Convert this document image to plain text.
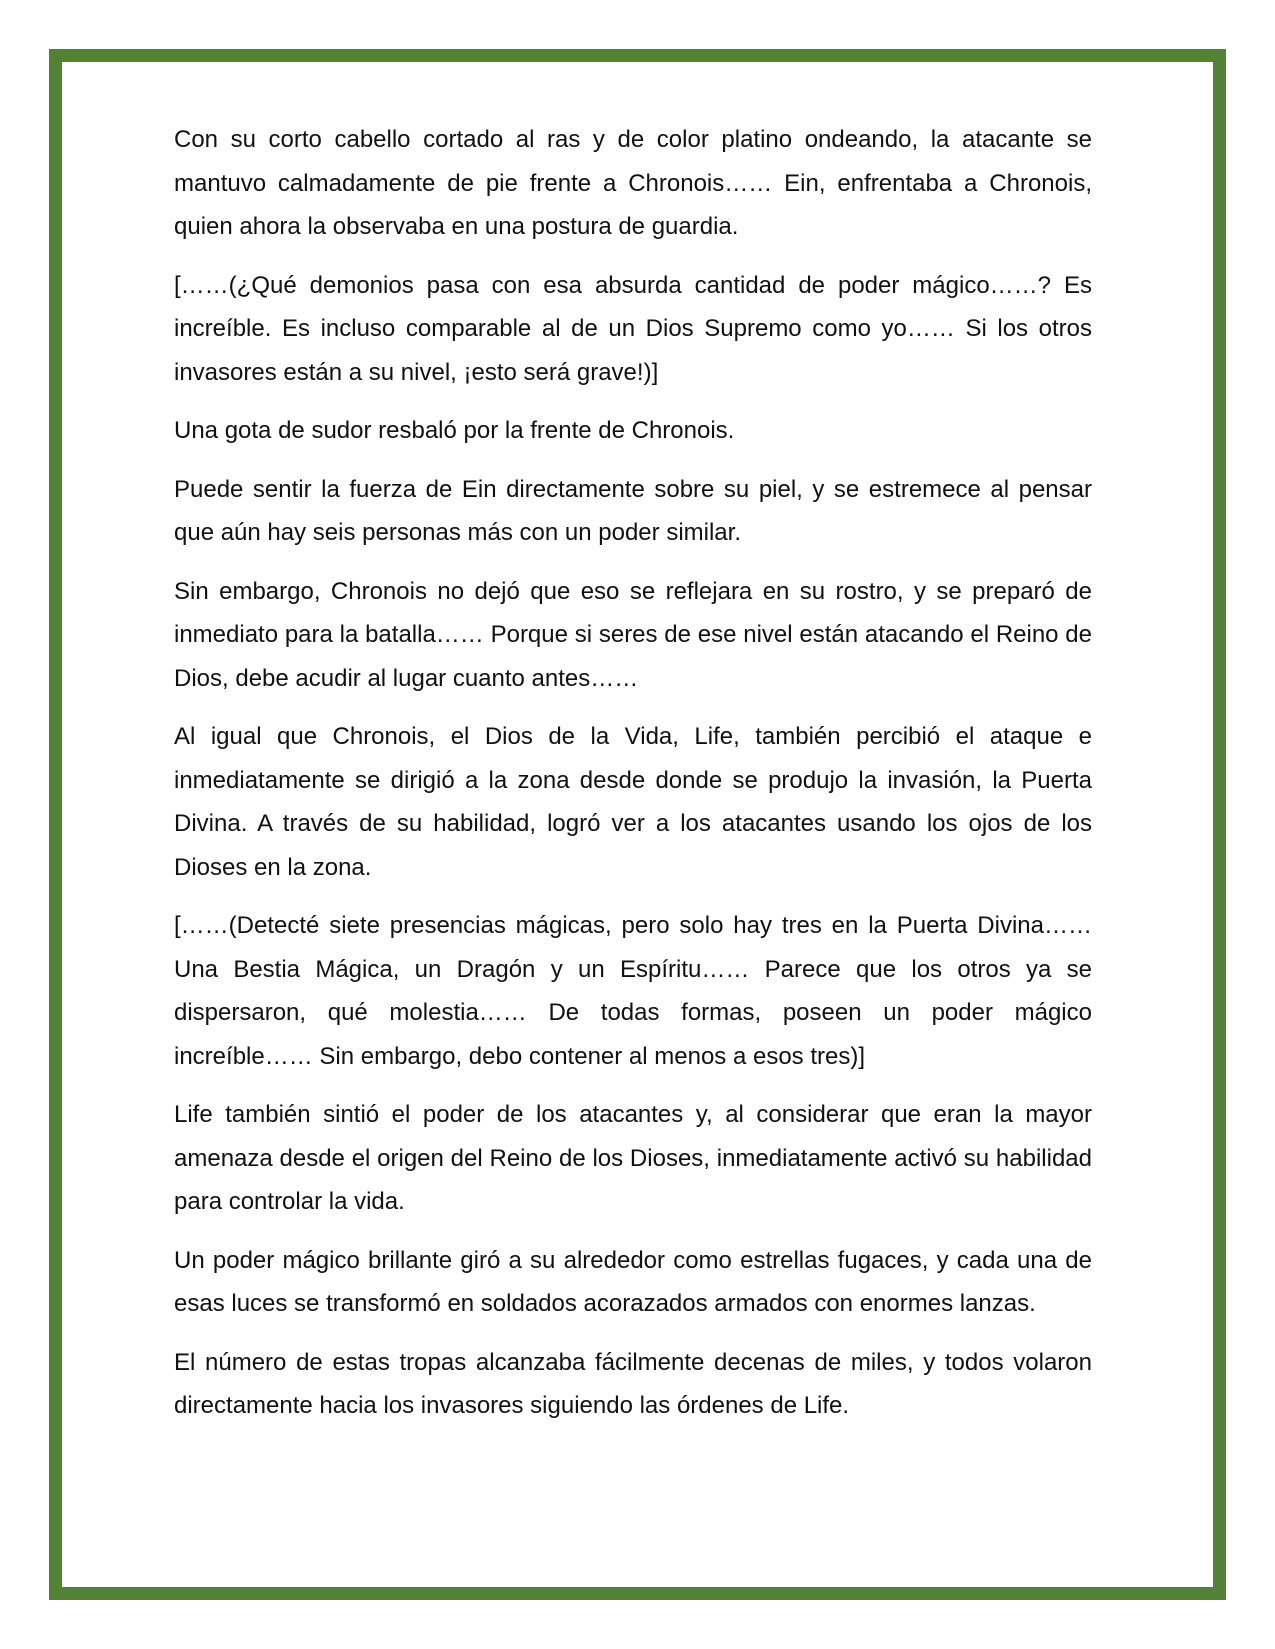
Con su corto cabello cortado al ras y de color platino ondeando, la atacante se mantuvo calmadamente de pie frente a Chronois…… Ein, enfrentaba a Chronois, quien ahora la observaba en una postura de guardia.

[……(¿Qué demonios pasa con esa absurda cantidad de poder mágico……? Es increíble. Es incluso comparable al de un Dios Supremo como yo…… Si los otros invasores están a su nivel, ¡esto será grave!)]

Una gota de sudor resbaló por la frente de Chronois.

Puede sentir la fuerza de Ein directamente sobre su piel, y se estremece al pensar que aún hay seis personas más con un poder similar.

Sin embargo, Chronois no dejó que eso se reflejara en su rostro, y se preparó de inmediato para la batalla…… Porque si seres de ese nivel están atacando el Reino de Dios, debe acudir al lugar cuanto antes……

Al igual que Chronois, el Dios de la Vida, Life, también percibió el ataque e inmediatamente se dirigió a la zona desde donde se produjo la invasión, la Puerta Divina. A través de su habilidad, logró ver a los atacantes usando los ojos de los Dioses en la zona.

[……(Detecté siete presencias mágicas, pero solo hay tres en la Puerta Divina…… Una Bestia Mágica, un Dragón y un Espíritu…… Parece que los otros ya se dispersaron, qué molestia…… De todas formas, poseen un poder mágico increíble…… Sin embargo, debo contener al menos a esos tres)]

Life también sintió el poder de los atacantes y, al considerar que eran la mayor amenaza desde el origen del Reino de los Dioses, inmediatamente activó su habilidad para controlar la vida.

Un poder mágico brillante giró a su alrededor como estrellas fugaces, y cada una de esas luces se transformó en soldados acorazados armados con enormes lanzas.

El número de estas tropas alcanzaba fácilmente decenas de miles, y todos volaron directamente hacia los invasores siguiendo las órdenes de Life.
